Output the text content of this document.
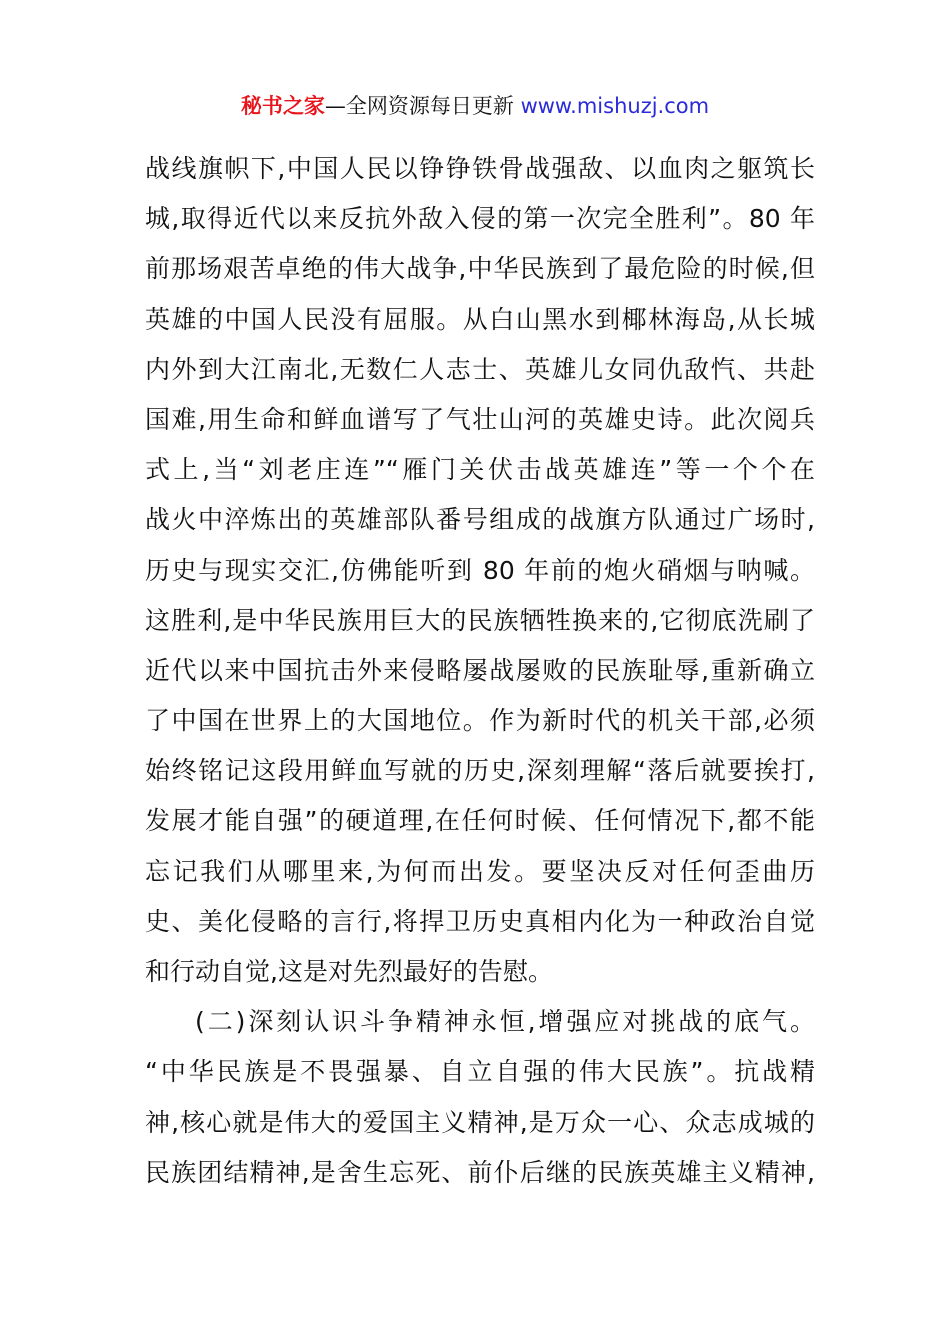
秘书之家—全网资源每日更新 www.mishuzj.com
战线旗帜下,中国人民以铮铮铁骨战强敌、以血肉之躯筑长
城,取得近代以来反抗外敌入侵的第一次完全胜利”。80 年
前那场艰苦卓绝的伟大战争,中华民族到了最危险的时候,但
英雄的中国人民没有屈服。从白山黑水到椰林海岛,从长城
内外到大江南北,无数仁人志士、英雄儿女同仇敌忾、共赴
国难,用生命和鲜血谱写了气壮山河的英雄史诗。此次阅兵
式上,当“刘老庄连”“雁门关伏击战英雄连”等一个个在
战火中淬炼出的英雄部队番号组成的战旗方队通过广场时,
历史与现实交汇,仿佛能听到 80 年前的炮火硝烟与呐喊。
这胜利,是中华民族用巨大的民族牺牲换来的,它彻底洗刷了
近代以来中国抗击外来侵略屡战屡败的民族耻辱,重新确立
了中国在世界上的大国地位。作为新时代的机关干部,必须
始终铭记这段用鲜血写就的历史,深刻理解“落后就要挨打,
发展才能自强”的硬道理,在任何时候、任何情况下,都不能
忘记我们从哪里来,为何而出发。要坚决反对任何歪曲历
史、美化侵略的言行,将捍卫历史真相内化为一种政治自觉
和行动自觉,这是对先烈最好的告慰。
(二)深刻认识斗争精神永恒,增强应对挑战的底气。
“中华民族是不畏强暴、自立自强的伟大民族”。抗战精
神,核心就是伟大的爱国主义精神,是万众一心、众志成城的
民族团结精神,是舍生忘死、前仆后继的民族英雄主义精神,
